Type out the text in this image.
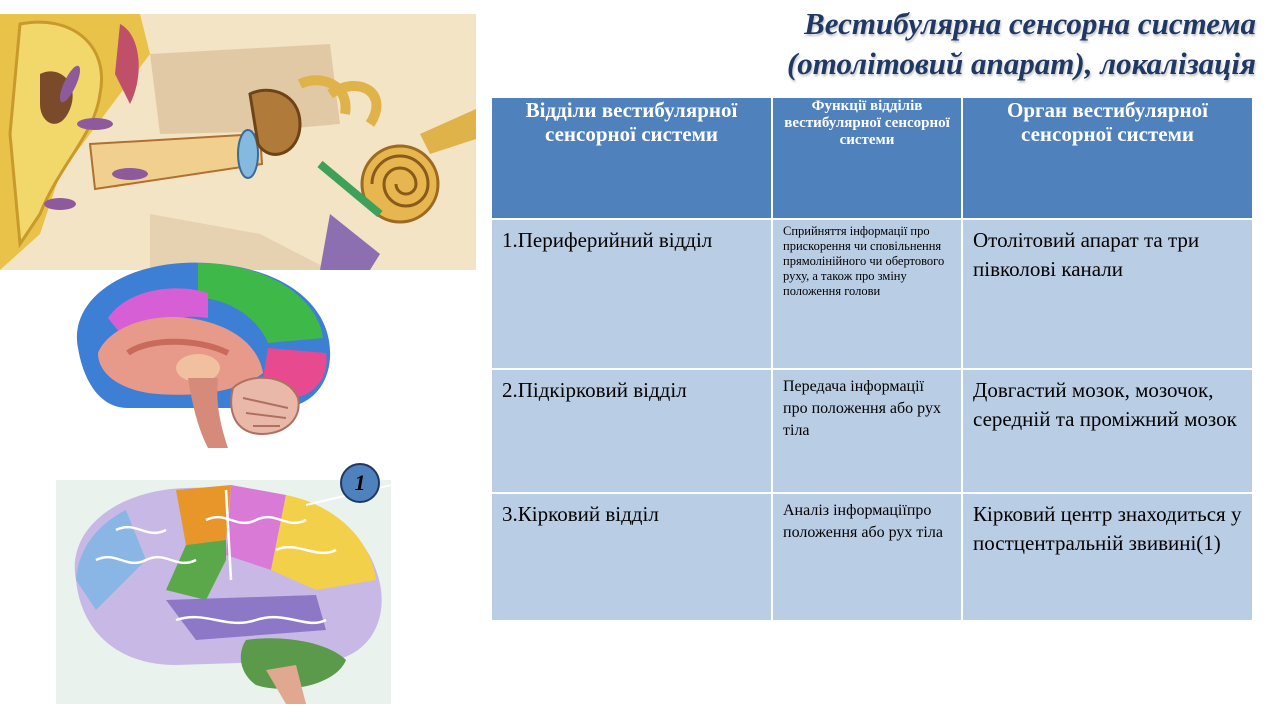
Вестибулярна сенсорна система
(отолітовий апарат), локалізація
1
Відділи вестибулярної сенсорної системи	Функції відділів вестибулярної сенсорної системи	Орган вестибулярної сенсорної системи

1.Периферийний відділ	Сприйняття інформації про прискорення чи сповільнення прямолінійного чи обертового руху, а також про зміну положення голови	Отолітовий апарат та три півколові канали

2.Підкірковий відділ	Передача інформації про положення або рух тіла	Довгастий мозок, мозочок, середній та проміжний мозок

3.Кірковий відділ	Аналіз інформаціїпро положення або рух тіла	Кірковий центр знаходиться у постцентральній звивині(1)
